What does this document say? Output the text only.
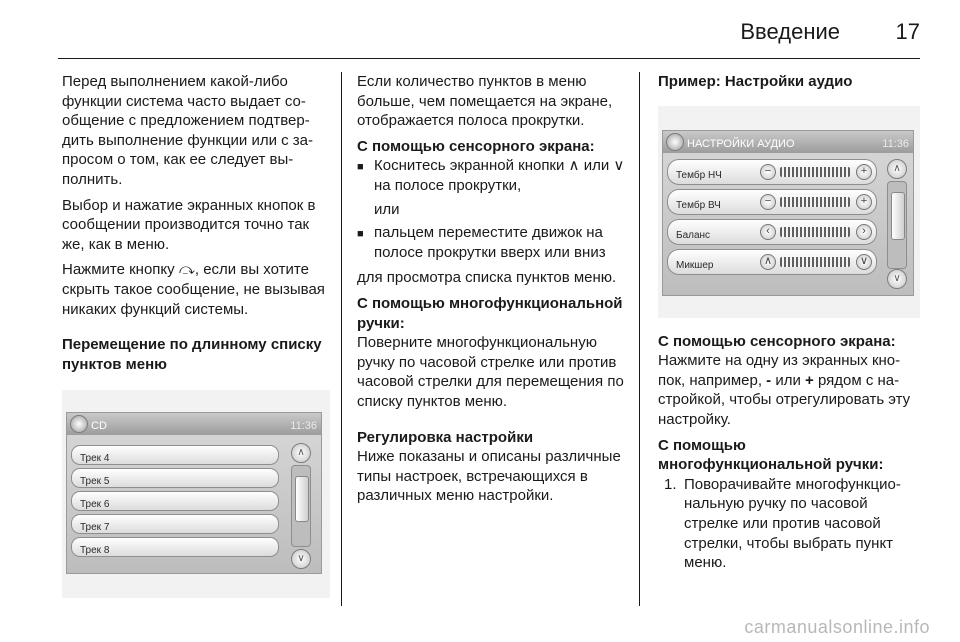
Введение	17

Перед выполнением какой-либо функции система часто выдает сообщение с предложением подтвердить выполнение функции или с запросом о том, как ее следует выполнить.

Выбор и нажатие экранных кнопок в сообщении производится точно так же, как в меню.

Нажмите кнопку ⤼, если вы хотите скрыть такое сообщение, не вызывая никаких функций системы.

Перемещение по длинному списку пунктов меню
CD	11:36
Трек 4
Трек 5
Трек 6
Трек 7
Трек 8
∧
∨

Если количество пунктов в меню больше, чем помещается на экране, отображается полоса прокрутки.

С помощью сенсорного экрана:
■ Коснитесь экранной кнопки ∧ или ∨ на полосе прокрутки,

или

■ пальцем переместите движок на полосе прокрутки вверх или вниз

для просмотра списка пунктов меню.

С помощью многофункциональной ручки:

Поверните многофункциональную ручку по часовой стрелке или против часовой стрелки для перемещения по списку пунктов меню.

Регулировка настройки

Ниже показаны и описаны различные типы настроек, встречающихся в различных меню настройки.

Пример: Настройки аудио
НАСТРОЙКИ АУДИО	11:36
Тембр НЧ	−	+
Тембр ВЧ	−	+
Баланс	‹	›
Микшер	∧	∨
∧
∨
С помощью сенсорного экрана:

Нажмите на одну из экранных кнопок, например, - или + рядом с настройкой, чтобы отрегулировать эту настройку.

С помощью многофункциональной ручки:
1. Поворачивайте многофункциональную ручку по часовой стрелке или против часовой стрелки, чтобы выбрать пункт меню.
carmanualsonline.info
